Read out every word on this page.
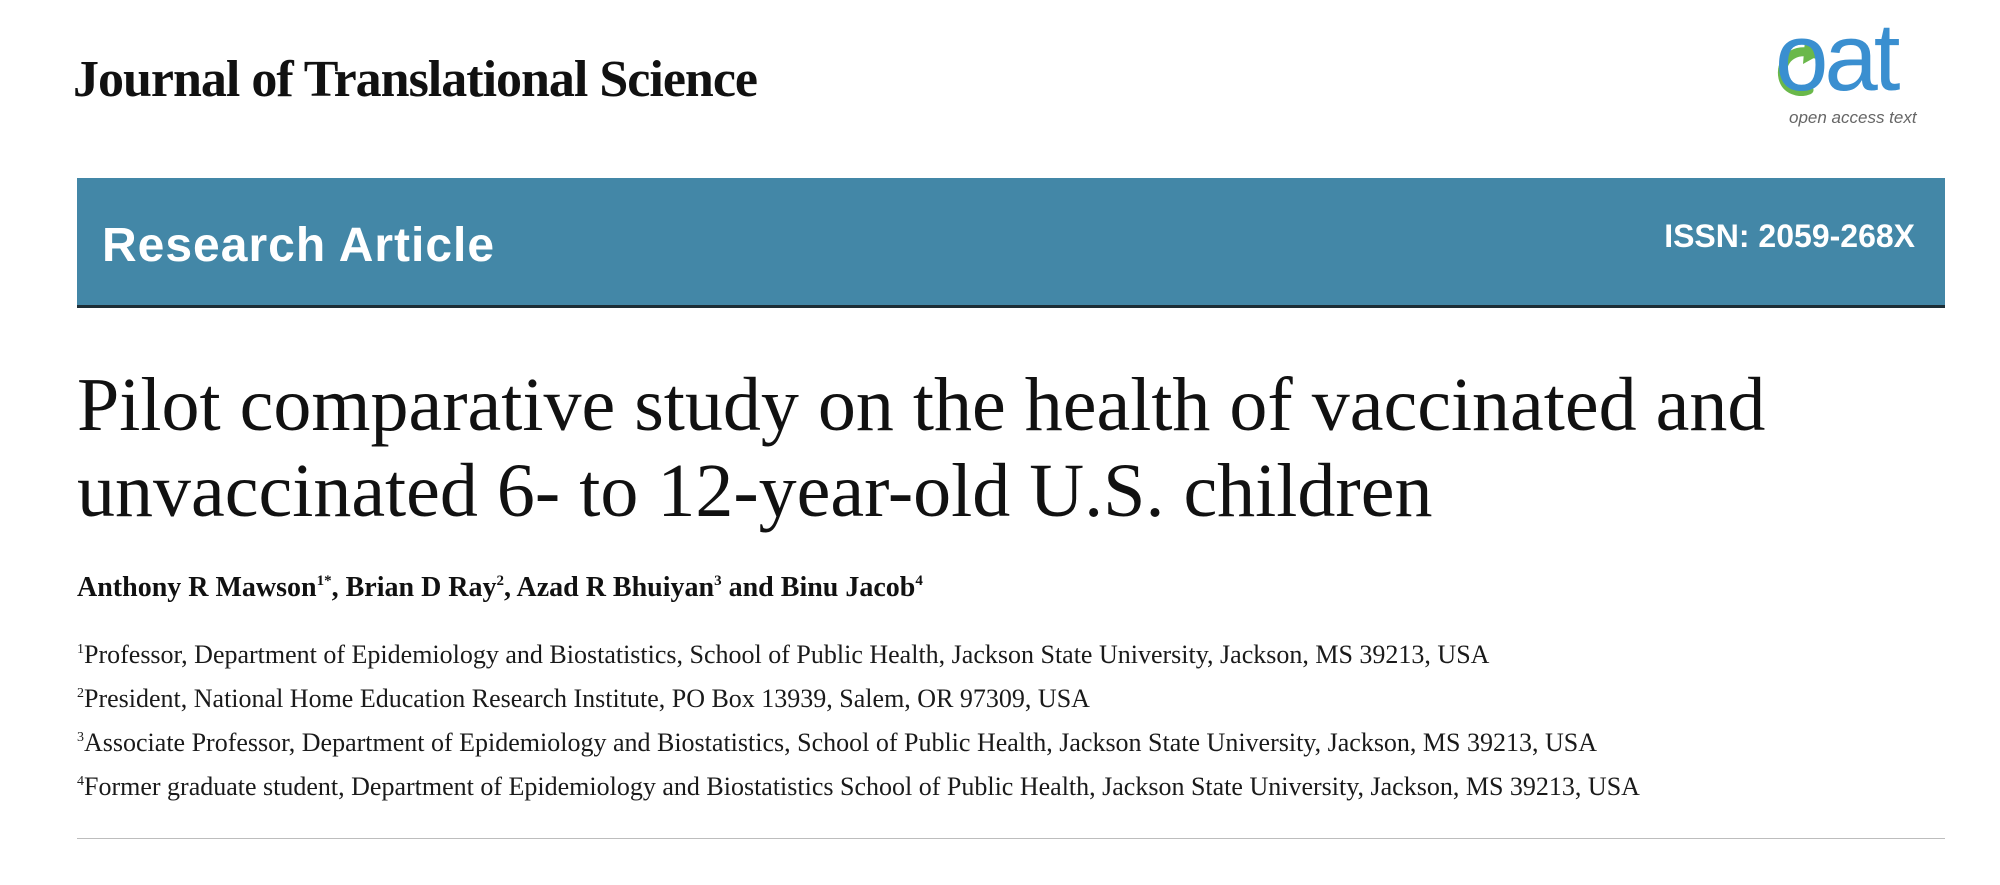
Journal of Translational Science	oat
open access text
Research Article	ISSN: 2059-268X
Pilot comparative study on the health of vaccinated and
unvaccinated 6- to 12-year-old U.S. children
Anthony R Mawson$^{1*}$, Brian D Ray$^2$, Azad R Bhuiyan$^3$ and Binu Jacob$^4$
$^1$Professor, Department of Epidemiology and Biostatistics, School of Public Health, Jackson State University, Jackson, MS 39213, USA
$^2$President, National Home Education Research Institute, PO Box 13939, Salem, OR 97309, USA
$^3$Associate Professor, Department of Epidemiology and Biostatistics, School of Public Health, Jackson State University, Jackson, MS 39213, USA
$^4$Former graduate student, Department of Epidemiology and Biostatistics School of Public Health, Jackson State University, Jackson, MS 39213, USA
